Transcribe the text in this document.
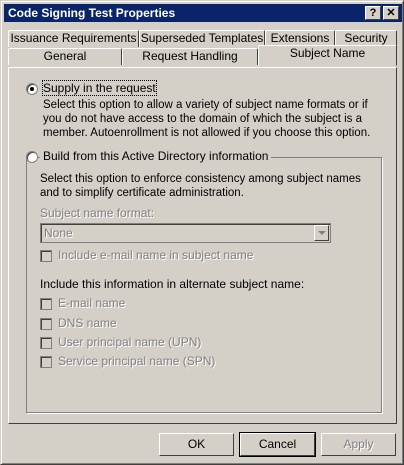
Code Signing Test Properties	? ✕
Issuance Requirements Superseded Templates Extensions	Security
General	Request Handling	Subject Name
Supply in the request
Select this option to allow a variety of subject name formats or if you do not have access to the domain of which the subject is a member. Autoenrollment is not allowed if you choose this option.
Build from this Active Directory information
Select this option to enforce consistency among subject names and to simplify certificate administration.
Subject name format:
None
Include e-mail name in subject name
Include this information in alternate subject name:
E-mail name
DNS name
User principal name (UPN)
Service principal name (SPN)
OK	Cancel	Apply
